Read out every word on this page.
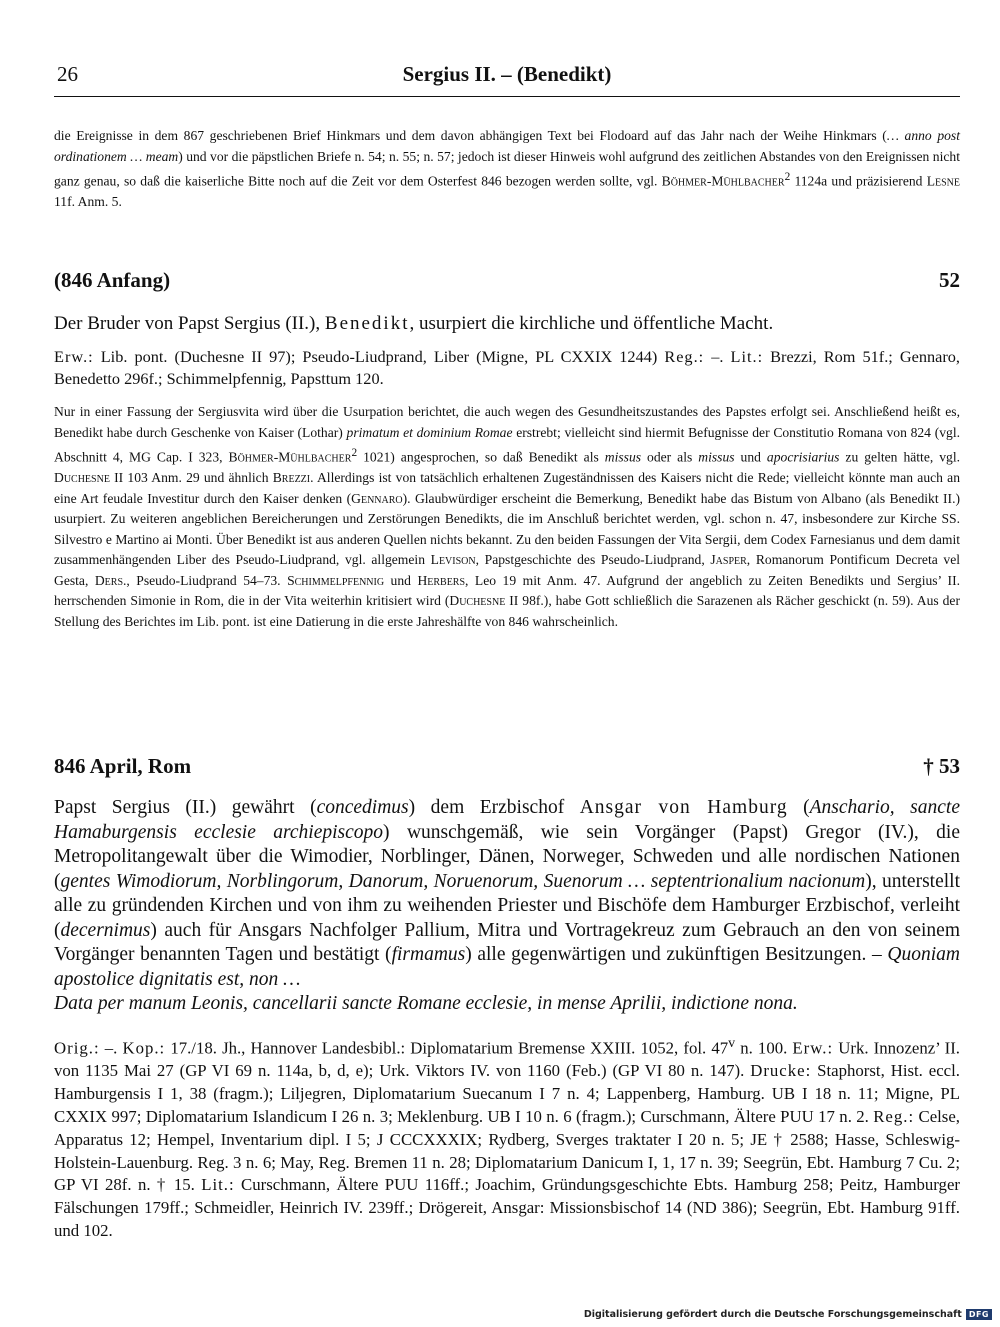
26	Sergius II. – (Benedikt)

die Ereignisse in dem 867 geschriebenen Brief Hinkmars und dem davon abhängigen Text bei Flodoard auf das Jahr nach der Weihe Hinkmars (… anno post ordinationem … meam) und vor die päpstlichen Briefe n. 54; n. 55; n. 57; jedoch ist dieser Hinweis wohl aufgrund des zeitlichen Abstandes von den Ereignissen nicht ganz genau, so daß die kaiserliche Bitte noch auf die Zeit vor dem Osterfest 846 bezogen werden sollte, vgl. Böhmer-Mühlbacher$^2$ 1124a und präzisierend Lesne 11f. Anm. 5.

(846 Anfang)	52

Der Bruder von Papst Sergius (II.), Benedikt, usurpiert die kirchliche und öffentliche Macht.

Erw.: Lib. pont. (Duchesne II 97); Pseudo-Liudprand, Liber (Migne, PL CXXIX 1244) Reg.: –. Lit.: Brezzi, Rom 51f.; Gennaro, Benedetto 296f.; Schimmelpfennig, Papsttum 120.

Nur in einer Fassung der Sergiusvita wird über die Usurpation berichtet, die auch wegen des Gesundheitszustandes des Papstes erfolgt sei. Anschließend heißt es, Benedikt habe durch Geschenke von Kaiser (Lothar) primatum et dominium Romae erstrebt; vielleicht sind hiermit Befugnisse der Constitutio Romana von 824 (vgl. Abschnitt 4, MG Cap. I 323, Böhmer-Mühlbacher$^2$ 1021) angesprochen, so daß Benedikt als missus oder als missus und apocrisiarius zu gelten hätte, vgl. Duchesne II 103 Anm. 29 und ähnlich Brezzi. Allerdings ist von tatsächlich erhaltenen Zugeständnissen des Kaisers nicht die Rede; vielleicht könnte man auch an eine Art feudale Investitur durch den Kaiser denken (Gennaro). Glaubwürdiger erscheint die Bemerkung, Benedikt habe das Bistum von Albano (als Benedikt II.) usurpiert. Zu weiteren angeblichen Bereicherungen und Zerstörungen Benedikts, die im Anschluß berichtet werden, vgl. schon n. 47, insbesondere zur Kirche SS. Silvestro e Martino ai Monti. Über Benedikt ist aus anderen Quellen nichts bekannt. Zu den beiden Fassungen der Vita Sergii, dem Codex Farnesianus und dem damit zusammenhängenden Liber des Pseudo-Liudprand, vgl. allgemein Levison, Papstgeschichte des Pseudo-Liudprand, Jasper, Romanorum Pontificum Decreta vel Gesta, Ders., Pseudo-Liudprand 54–73. Schimmelpfennig und Herbers, Leo 19 mit Anm. 47. Aufgrund der angeblich zu Zeiten Benedikts und Sergius’ II. herrschenden Simonie in Rom, die in der Vita weiterhin kritisiert wird (Duchesne II 98f.), habe Gott schließlich die Sarazenen als Rächer geschickt (n. 59). Aus der Stellung des Berichtes im Lib. pont. ist eine Datierung in die erste Jahreshälfte von 846 wahrscheinlich.

846 April, Rom	† 53

Papst Sergius (II.) gewährt (concedimus) dem Erzbischof Ansgar von Hamburg (Anschario, sancte Hamaburgensis ecclesie archiepiscopo) wunschgemäß, wie sein Vorgänger (Papst) Gregor (IV.), die Metropolitangewalt über die Wimodier, Norblinger, Dänen, Norweger, Schweden und alle nordischen Nationen (gentes Wimodiorum, Norblingorum, Danorum, Noruenorum, Suenorum … septentrionalium nacionum), unterstellt alle zu gründenden Kirchen und von ihm zu weihenden Priester und Bischöfe dem Hamburger Erzbischof, verleiht (decernimus) auch für Ansgars Nachfolger Pallium, Mitra und Vortragekreuz zum Gebrauch an den von seinem Vorgänger benannten Tagen und bestätigt (firmamus) alle gegenwärtigen und zukünftigen Besitzungen. – Quoniam apostolice dignitatis est, non …

Data per manum Leonis, cancellarii sancte Romane ecclesie, in mense Aprilii, indictione nona.

Orig.: –. Kop.: 17./18. Jh., Hannover Landesbibl.: Diplomatarium Bremense XXIII. 1052, fol. 47$^v$ n. 100. Erw.: Urk. Innozenz’ II. von 1135 Mai 27 (GP VI 69 n. 114a, b, d, e); Urk. Viktors IV. von 1160 (Feb.) (GP VI 80 n. 147). Drucke: Staphorst, Hist. eccl. Hamburgensis I 1, 38 (fragm.); Liljegren, Diplomatarium Suecanum I 7 n. 4; Lappenberg, Hamburg. UB I 18 n. 11; Migne, PL CXXIX 997; Diplomatarium Islandicum I 26 n. 3; Meklenburg. UB I 10 n. 6 (fragm.); Curschmann, Ältere PUU 17 n. 2. Reg.: Celse, Apparatus 12; Hempel, Inventarium dipl. I 5; J CCCXXXIX; Rydberg, Sverges traktater I 20 n. 5; JE † 2588; Hasse, Schleswig-Holstein-Lauenburg. Reg. 3 n. 6; May, Reg. Bremen 11 n. 28; Diplomatarium Danicum I, 1, 17 n. 39; Seegrün, Ebt. Hamburg 7 Cu. 2; GP VI 28f. n. † 15. Lit.: Curschmann, Ältere PUU 116ff.; Joachim, Gründungsgeschichte Ebts. Hamburg 258; Peitz, Hamburger Fälschungen 179ff.; Schmeidler, Heinrich IV. 239ff.; Drögereit, Ansgar: Missionsbischof 14 (ND 386); Seegrün, Ebt. Hamburg 91ff. und 102.

Digitalisierung gefördert durch die Deutsche Forschungsgemeinschaft DFG
